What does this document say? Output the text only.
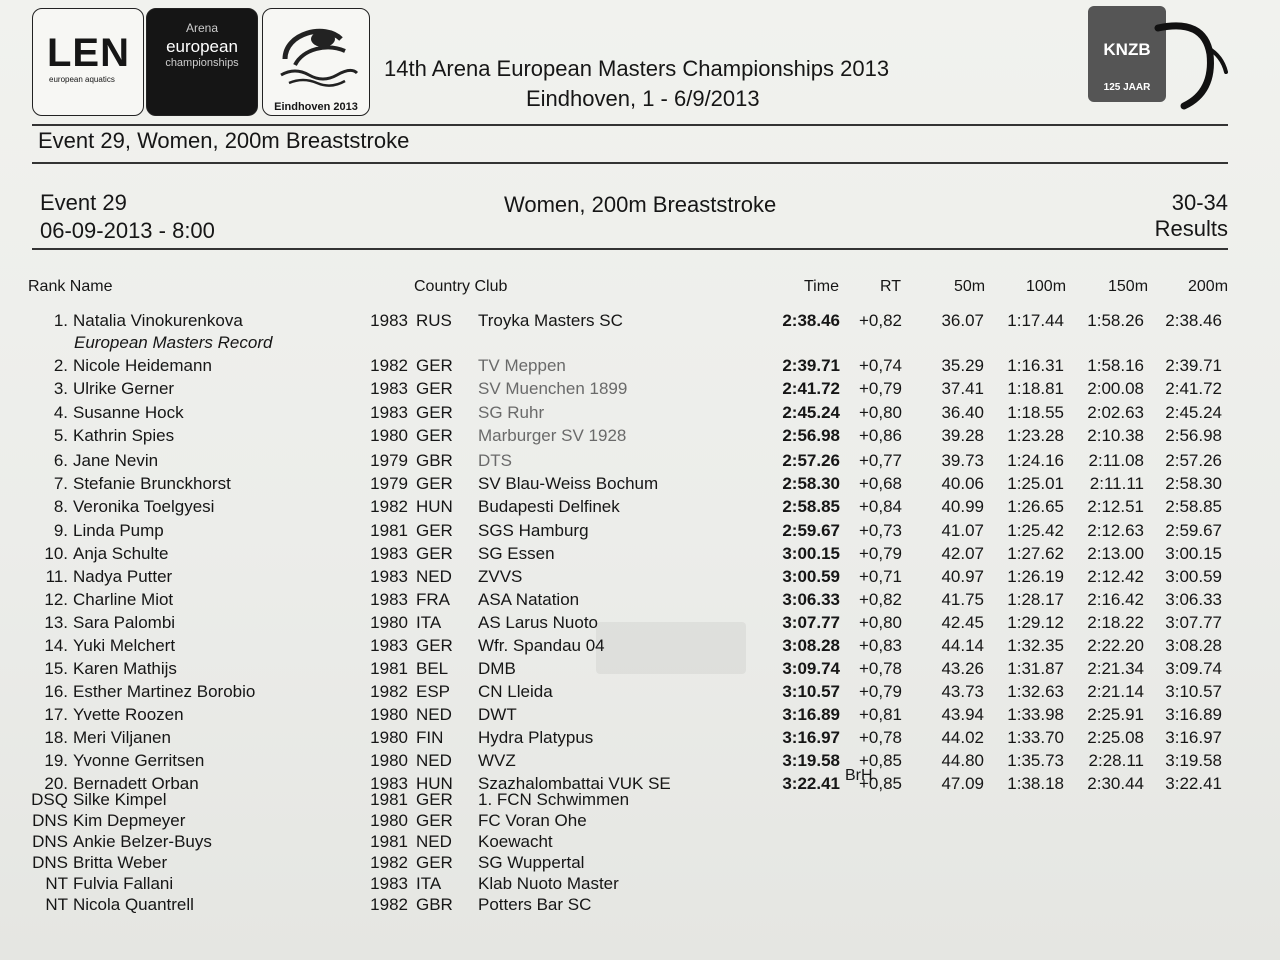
LEN
european aquatics
Arena
european
championships
Eindhoven 2013
14th Arena European Masters Championships 2013
Eindhoven, 1 - 6/9/2013
KNZB
125 JAAR
Event 29, Women, 200m Breaststroke
Event 29
06-09-2013 - 8:00
Women, 200m Breaststroke	30-34
Results
Rank Name	Country Club	Time	RT	50m	100m	150m 200m
1. Natalia Vinokurenkova	1983 RUS Troyka Masters SC	2:38.46	+0,82	36.07	1:17.44	1:58.26	2:38.46
2. Nicole Heidemann	1982 GER TV Meppen	2:39.71	+0,74	35.29	1:16.31	1:58.16	2:39.71
3. Ulrike Gerner	1983 GER SV Muenchen 1899	2:41.72	+0,79	37.41	1:18.81	2:00.08	2:41.72
4. Susanne Hock	1983 GER SG Ruhr	2:45.24	+0,80	36.40	1:18.55	2:02.63	2:45.24
5. Kathrin Spies	1980 GER Marburger SV 1928	2:56.98	+0,86	39.28	1:23.28	2:10.38	2:56.98
6. Jane Nevin	1979 GBR DTS	2:57.26	+0,77	39.73	1:24.16	2:11.08	2:57.26
7. Stefanie Brunckhorst	1979 GER SV Blau-Weiss Bochum	2:58.30	+0,68	40.06	1:25.01	2:11.11	2:58.30
8. Veronika Toelgyesi	1982 HUN Budapesti Delfinek	2:58.85	+0,84	40.99	1:26.65	2:12.51	2:58.85
9. Linda Pump	1981 GER SGS Hamburg	2:59.67	+0,73	41.07	1:25.42	2:12.63	2:59.67
10. Anja Schulte	1983 GER SG Essen	3:00.15	+0,79	42.07	1:27.62	2:13.00	3:00.15
11. Nadya Putter	1983 NED ZVVS	3:00.59	+0,71	40.97	1:26.19	2:12.42	3:00.59
12. Charline Miot	1983 FRA ASA Natation	3:06.33	+0,82	41.75	1:28.17	2:16.42	3:06.33
13. Sara Palombi	1980 ITA AS Larus Nuoto	3:07.77	+0,80	42.45	1:29.12	2:18.22	3:07.77
14. Yuki Melchert	1983 GER Wfr. Spandau 04	3:08.28	+0,83	44.14	1:32.35	2:22.20	3:08.28
15. Karen Mathijs	1981 BEL DMB	3:09.74	+0,78	43.26	1:31.87	2:21.34	3:09.74
16. Esther Martinez Borobio	1982 ESP CN Lleida	3:10.57	+0,79	43.73	1:32.63	2:21.14	3:10.57
17. Yvette Roozen	1980 NED DWT	3:16.89	+0,81	43.94	1:33.98	2:25.91	3:16.89
18. Meri Viljanen	1980 FIN Hydra Platypus	3:16.97	+0,78	44.02	1:33.70	2:25.08	3:16.97
19. Yvonne Gerritsen	1980 NED WVZ	3:19.58	+0,85	44.80	1:35.73	2:28.11	3:19.58
20. Bernadett Orban	1983 HUN Szazhalombattai VUK SE	3:22.41	+0,85	47.09	1:38.18	2:30.44	3:22.41
DSQ Silke Kimpel	1981 GER 1. FCN Schwimmen
DNS Kim Depmeyer	1980 GER FC Voran Ohe
DNS Ankie Belzer-Buys	1981 NED Koewacht
DNS Britta Weber	1982 GER SG Wuppertal
NT Fulvia Fallani	1983 ITA Klab Nuoto Master
NT Nicola Quantrell	1982 GBR Potters Bar SC
European Masters Record
BrH
